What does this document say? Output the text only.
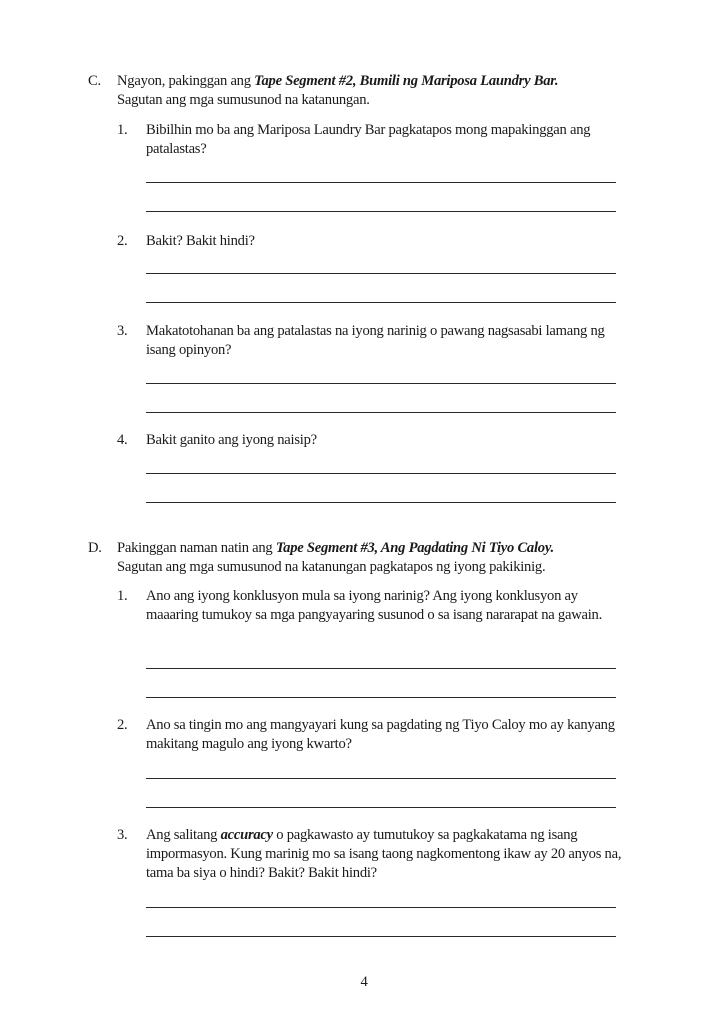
C. Ngayon, pakinggan ang Tape Segment #2, Bumili ng Mariposa Laundry Bar.
Sagutan ang mga sumusunod na katanungan.
1. Bibilhin mo ba ang Mariposa Laundry Bar pagkatapos mong mapakinggan ang patalastas?
2. Bakit? Bakit hindi?
3. Makatotohanan ba ang patalastas na iyong narinig o pawang nagsasabi lamang ng isang opinyon?
4. Bakit ganito ang iyong naisip?
D. Pakinggan naman natin ang Tape Segment #3, Ang Pagdating Ni Tiyo Caloy.
Sagutan ang mga sumusunod na katanungan pagkatapos ng iyong pakikinig.
1. Ano ang iyong konklusyon mula sa iyong narinig? Ang iyong konklusyon ay maaaring tumukoy sa mga pangyayaring susunod o sa isang nararapat na gawain.
2. Ano sa tingin mo ang mangyayari kung sa pagdating ng Tiyo Caloy mo ay kanyang makitang magulo ang iyong kwarto?
3. Ang salitang accuracy o pagkawasto ay tumutukoy sa pagkakatama ng isang impormasyon. Kung marinig mo sa isang taong nagkomentong ikaw ay 20 anyos na, tama ba siya o hindi? Bakit? Bakit hindi?
4
